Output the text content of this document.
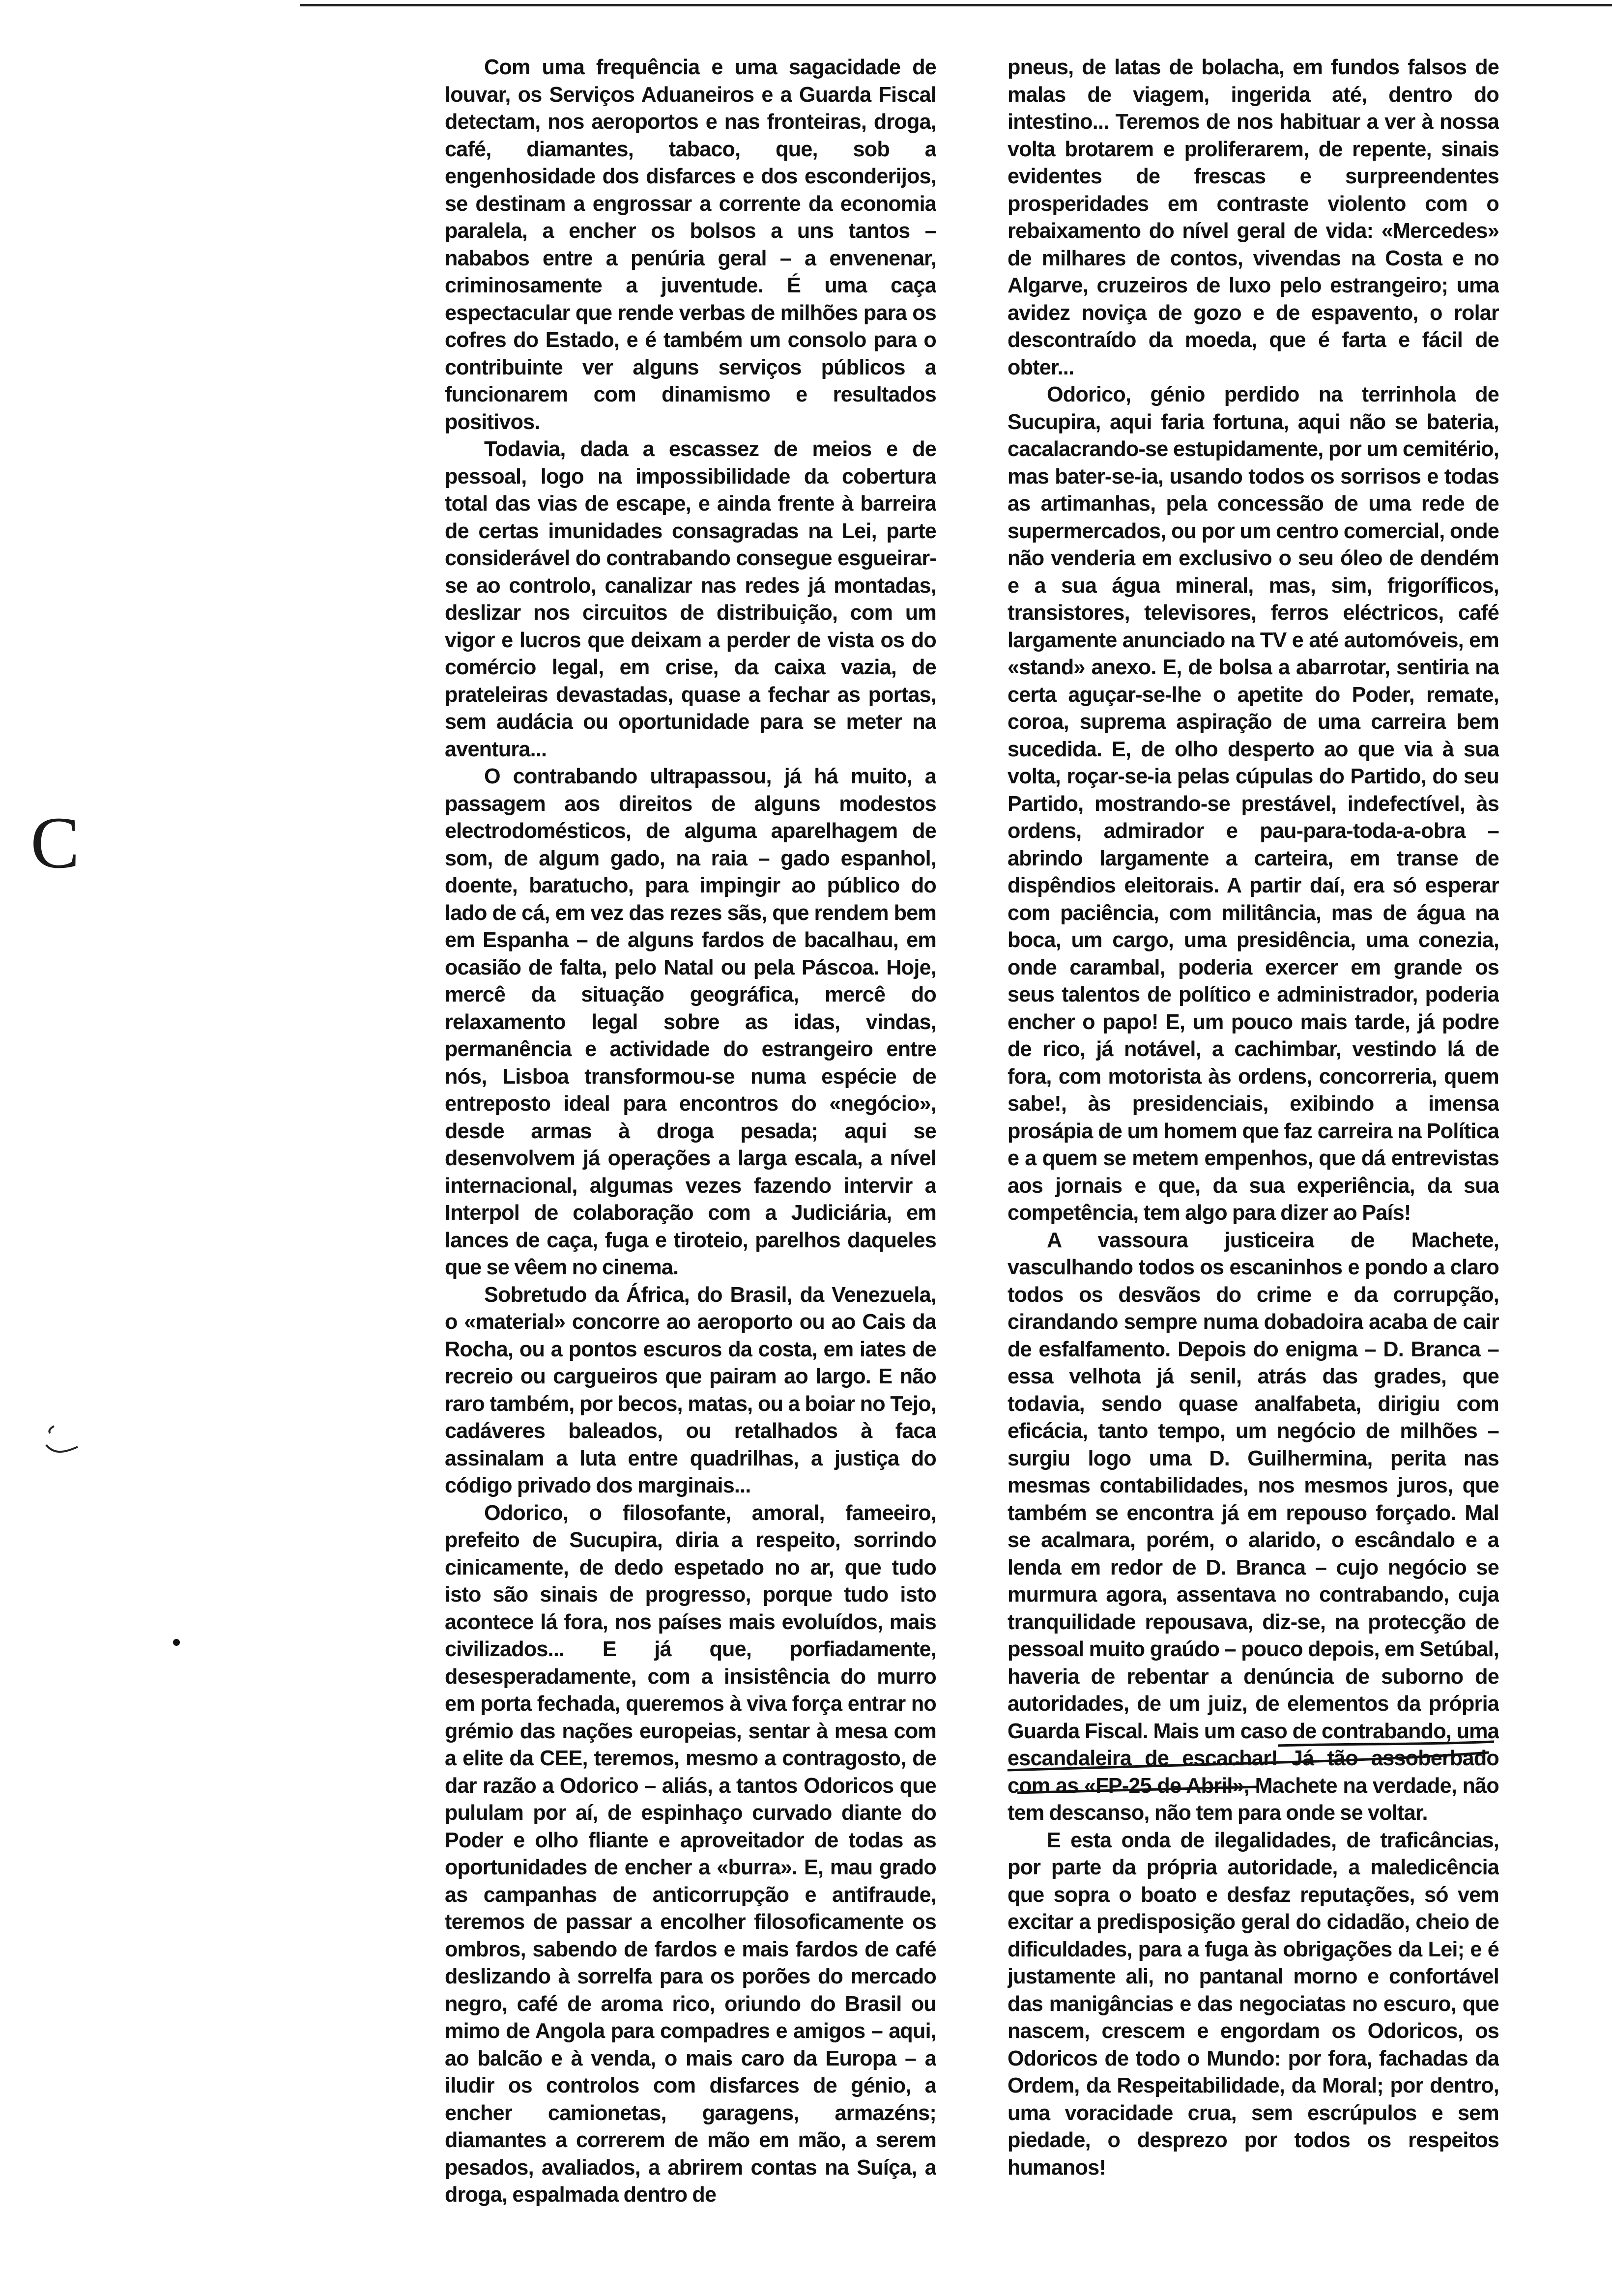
C

Com uma frequência e uma sagacidade de louvar, os Serviços Aduaneiros e a Guarda Fiscal detectam, nos aeroportos e nas fronteiras, droga, café, diamantes, tabaco, que, sob a engenhosidade dos disfarces e dos esconderijos, se destinam a engrossar a corrente da economia paralela, a encher os bolsos a uns tantos – nababos entre a penúria geral – a envenenar, criminosamente a juventude. É uma caça espectacular que rende verbas de milhões para os cofres do Estado, e é também um consolo para o contribuinte ver alguns serviços públicos a funcionarem com dinamismo e resultados positivos.

Todavia, dada a escassez de meios e de pessoal, logo na impossibilidade da cobertura total das vias de escape, e ainda frente à barreira de certas imunidades consagradas na Lei, parte considerável do contrabando consegue esgueirar-se ao controlo, canalizar nas redes já montadas, deslizar nos circuitos de distribuição, com um vigor e lucros que deixam a perder de vista os do comércio legal, em crise, da caixa vazia, de prateleiras devastadas, quase a fechar as portas, sem audácia ou oportunidade para se meter na aventura...

O contrabando ultrapassou, já há muito, a passagem aos direitos de alguns modestos electrodomésticos, de alguma aparelhagem de som, de algum gado, na raia – gado espanhol, doente, baratucho, para impingir ao público do lado de cá, em vez das rezes sãs, que rendem bem em Espanha – de alguns fardos de bacalhau, em ocasião de falta, pelo Natal ou pela Páscoa. Hoje, mercê da situação geográfica, mercê do relaxamento legal sobre as idas, vindas, permanência e actividade do estrangeiro entre nós, Lisboa transformou-se numa espécie de entreposto ideal para encontros do «negócio», desde armas à droga pesada; aqui se desenvolvem já operações a larga escala, a nível internacional, algumas vezes fazendo intervir a Interpol de colaboração com a Judiciária, em lances de caça, fuga e tiroteio, parelhos daqueles que se vêem no cinema.

Sobretudo da África, do Brasil, da Venezuela, o «material» concorre ao aeroporto ou ao Cais da Rocha, ou a pontos escuros da costa, em iates de recreio ou cargueiros que pairam ao largo. E não raro também, por becos, matas, ou a boiar no Tejo, cadáveres baleados, ou retalhados à faca assinalam a luta entre quadrilhas, a justiça do código privado dos marginais...

Odorico, o filosofante, amoral, fameeiro, prefeito de Sucupira, diria a respeito, sorrindo cinicamente, de dedo espetado no ar, que tudo isto são sinais de progresso, porque tudo isto acontece lá fora, nos países mais evoluídos, mais civilizados... E já que, porfiadamente, desesperadamente, com a insistência do murro em porta fechada, queremos à viva força entrar no grémio das nações europeias, sentar à mesa com a elite da CEE, teremos, mesmo a contragosto, de dar razão a Odorico – aliás, a tantos Odoricos que pululam por aí, de espinhaço curvado diante do Poder e olho fliante e aproveitador de todas as oportunidades de encher a «burra». E, mau grado as campanhas de anticorrupção e antifraude, teremos de passar a encolher filosoficamente os ombros, sabendo de fardos e mais fardos de café deslizando à sorrelfa para os porões do mercado negro, café de aroma rico, oriundo do Brasil ou mimo de Angola para compadres e amigos – aqui, ao balcão e à venda, o mais caro da Europa – a iludir os controlos com disfarces de génio, a encher camionetas, garagens, armazéns; diamantes a correrem de mão em mão, a serem pesados, avaliados, a abrirem contas na Suíça, a droga, espalmada dentro de

pneus, de latas de bolacha, em fundos falsos de malas de viagem, ingerida até, dentro do intestino... Teremos de nos habituar a ver à nossa volta brotarem e proliferarem, de repente, sinais evidentes de frescas e surpreendentes prosperidades em contraste violento com o rebaixamento do nível geral de vida: «Mercedes» de milhares de contos, vivendas na Costa e no Algarve, cruzeiros de luxo pelo estrangeiro; uma avidez noviça de gozo e de espavento, o rolar descontraído da moeda, que é farta e fácil de obter...

Odorico, génio perdido na terrinhola de Sucupira, aqui faria fortuna, aqui não se bateria, cacalacrando-se estupidamente, por um cemitério, mas bater-se-ia, usando todos os sorrisos e todas as artimanhas, pela concessão de uma rede de supermercados, ou por um centro comercial, onde não venderia em exclusivo o seu óleo de dendém e a sua água mineral, mas, sim, frigoríficos, transistores, televisores, ferros eléctricos, café largamente anunciado na TV e até automóveis, em «stand» anexo. E, de bolsa a abarrotar, sentiria na certa aguçar-se-lhe o apetite do Poder, remate, coroa, suprema aspiração de uma carreira bem sucedida. E, de olho desperto ao que via à sua volta, roçar-se-ia pelas cúpulas do Partido, do seu Partido, mostrando-se prestável, indefectível, às ordens, admirador e pau-para-toda-a-obra – abrindo largamente a carteira, em transe de dispêndios eleitorais. A partir daí, era só esperar com paciência, com militância, mas de água na boca, um cargo, uma presidência, uma conezia, onde carambal, poderia exercer em grande os seus talentos de político e administrador, poderia encher o papo! E, um pouco mais tarde, já podre de rico, já notável, a cachimbar, vestindo lá de fora, com motorista às ordens, concorreria, quem sabe!, às presidenciais, exibindo a imensa prosápia de um homem que faz carreira na Política e a quem se metem empenhos, que dá entrevistas aos jornais e que, da sua experiência, da sua competência, tem algo para dizer ao País!

A vassoura justiceira de Machete, vasculhando todos os escaninhos e pondo a claro todos os desvãos do crime e da corrupção, cirandando sempre numa dobadoira acaba de cair de esfalfamento. Depois do enigma – D. Branca – essa velhota já senil, atrás das grades, que todavia, sendo quase analfabeta, dirigiu com eficácia, tanto tempo, um negócio de milhões – surgiu logo uma D. Guilhermina, perita nas mesmas contabilidades, nos mesmos juros, que também se encontra já em repouso forçado. Mal se acalmara, porém, o alarido, o escândalo e a lenda em redor de D. Branca – cujo negócio se murmura agora, assentava no contrabando, cuja tranquilidade repousava, diz-se, na protecção de pessoal muito graúdo – pouco depois, em Setúbal, haveria de rebentar a denúncia de suborno de autoridades, de um juiz, de elementos da própria Guarda Fiscal. Mais um caso de contrabando, uma escandaleira de escachar! Já tão assoberbado com as «FP-25 de Abril», Machete na verdade, não tem descanso, não tem para onde se voltar.

E esta onda de ilegalidades, de traficâncias, por parte da própria autoridade, a maledicência que sopra o boato e desfaz reputações, só vem excitar a predisposição geral do cidadão, cheio de dificuldades, para a fuga às obrigações da Lei; e é justamente ali, no pantanal morno e confortável das manigâncias e das negociatas no escuro, que nascem, crescem e engordam os Odoricos, os Odoricos de todo o Mundo: por fora, fachadas da Ordem, da Respeitabilidade, da Moral; por dentro, uma voracidade crua, sem escrúpulos e sem piedade, o desprezo por todos os respeitos humanos!
